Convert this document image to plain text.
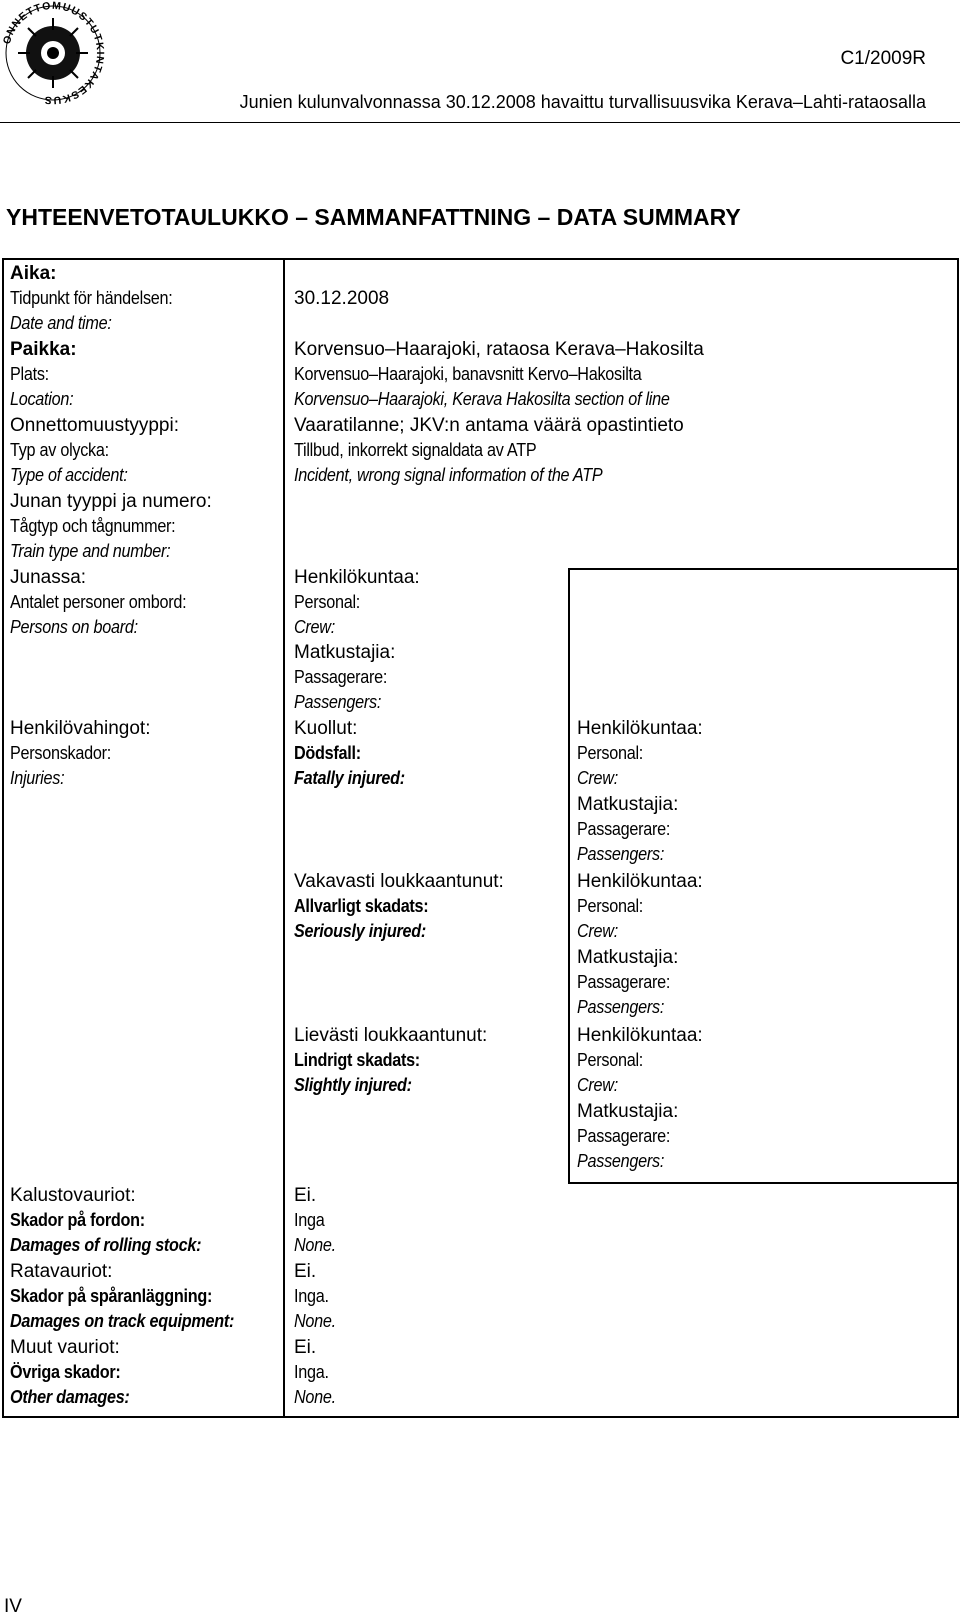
ONNETTOMUUSTUTKINTAKESKUS
C1/2009R
Junien kulunvalvonnassa 30.12.2008 havaittu turvallisuusvika Kerava–Lahti-rataosalla
YHTEENVETOTAULUKKO – SAMMANFATTNING – DATA SUMMARY
Aika:
Tidpunkt för händelsen:
Date and time:
Paikka:
Plats:
Location:
Onnettomuustyyppi:
Typ av olycka:
Type of accident:
Junan tyyppi ja numero:
Tågtyp och tågnummer:
Train type and number:
Junassa:
Antalet personer ombord:
Persons on board:
Henkilövahingot:
Personskador:
Injuries:
Kalustovauriot:
Skador på fordon:
Damages of rolling stock:
Ratavauriot:
Skador på spåranläggning:
Damages on track equipment:
Muut vauriot:
Övriga skador:
Other damages:
30.12.2008
Korvensuo–Haarajoki, rataosa Kerava–Hakosilta
Korvensuo–Haarajoki, banavsnitt Kervo–Hakosilta
Korvensuo–Haarajoki, Kerava Hakosilta section of line
Vaaratilanne; JKV:n antama väärä opastintieto
Tillbud, inkorrekt signaldata av ATP
Incident, wrong signal information of the ATP
Henkilökuntaa:
Personal:
Crew:
Matkustajia:
Passagerare:
Passengers:
Kuollut:
Dödsfall:
Fatally injured:
Vakavasti loukkaantunut:
Allvarligt skadats:
Seriously injured:
Lievästi loukkaantunut:
Lindrigt skadats:
Slightly injured:
Ei.
Inga
None.
Ei.
Inga.
None.
Ei.
Inga.
None.
Henkilökuntaa:
Personal:
Crew:
Matkustajia:
Passagerare:
Passengers:
Henkilökuntaa:
Personal:
Crew:
Matkustajia:
Passagerare:
Passengers:
Henkilökuntaa:
Personal:
Crew:
Matkustajia:
Passagerare:
Passengers:
IV
